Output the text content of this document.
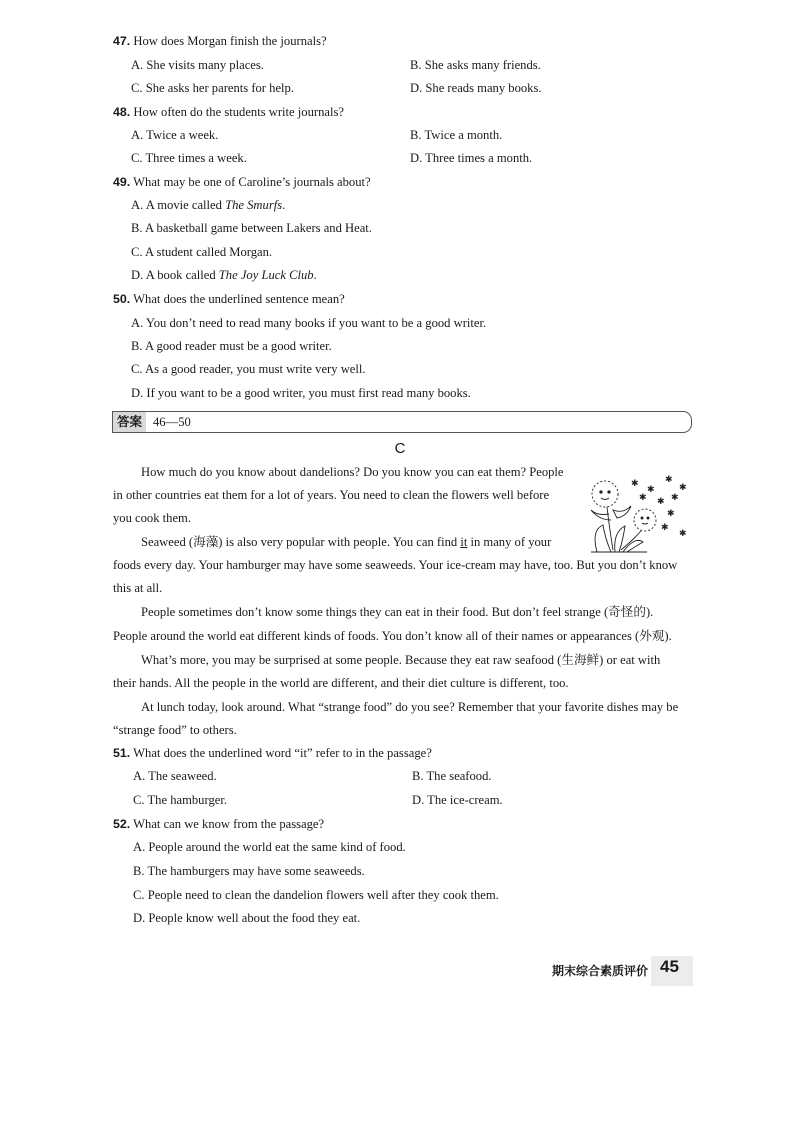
47. How does Morgan finish the journals?
A. She visits many places.	B. She asks many friends.
C. She asks her parents for help.	D. She reads many books.
48. How often do the students write journals?
A. Twice a week.	B. Twice a month.
C. Three times a week.	D. Three times a month.
49. What may be one of Caroline’s journals about?
A. A movie called The Smurfs.
B. A basketball game between Lakers and Heat.
C. A student called Morgan.
D. A book called The Joy Luck Club.
50. What does the underlined sentence mean?
A. You don’t need to read many books if you want to be a good writer.
B. A good reader must be a good writer.
C. As a good reader, you must write very well.
D. If you want to be a good writer, you must first read many books.
答案 46—50
C
How much do you know about dandelions? Do you know you can eat them? People
in other countries eat them for a lot of years. You need to clean the flowers well before
you cook them.
Seaweed (海藻) is also very popular with people. You can find it in many of your
foods every day. Your hamburger may have some seaweeds. Your ice-cream may have, too. But you don’t know
this at all.
People sometimes don’t know some things they can eat in their food. But don’t feel strange (奇怪的).
People around the world eat different kinds of foods. You don’t know all of their names or appearances (外观).
What’s more, you may be surprised at some people. Because they eat raw seafood (生海鲜) or eat with
their hands. All the people in the world are different, and their diet culture is different, too.
At lunch today, look around. What “strange food” do you see? Remember that your favorite dishes may be
“strange food” to others.
✱
✱
✱
✱
✱
✱
✱
✱
✱
✱
51. What does the underlined word “it” refer to in the passage?
A. The seaweed.	B. The seafood.
C. The hamburger.	D. The ice-cream.
52. What can we know from the passage?
A. People around the world eat the same kind of food.
B. The hamburgers may have some seaweeds.
C. People need to clean the dandelion flowers well after they cook them.
D. People know well about the food they eat.
期末综合素质评价 45
